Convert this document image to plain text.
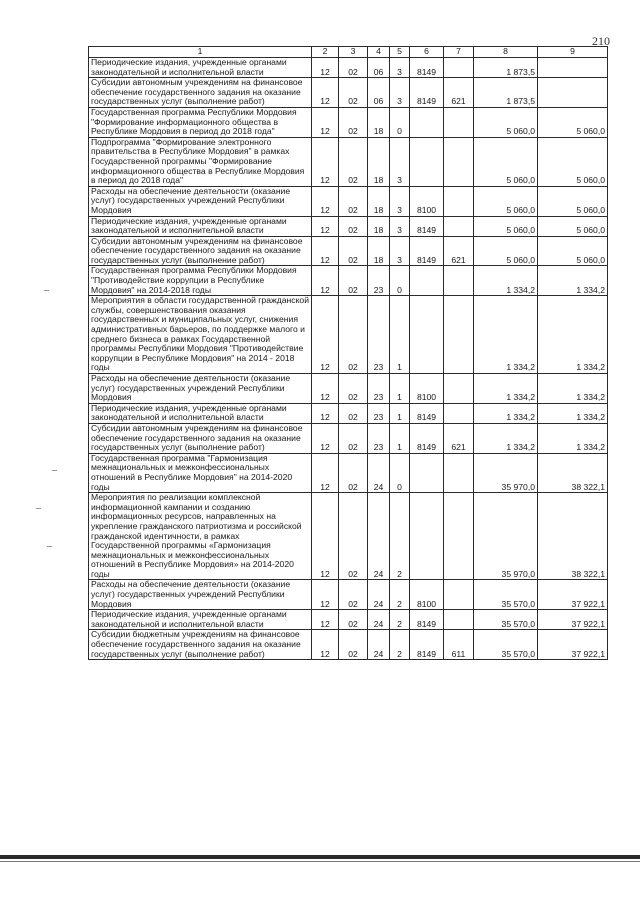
210
1	2	3	4	5	6	7	8	9
Периодические издания, учрежденные органами законодательной и исполнительной власти	12	02	06	3	8149		1 873,5	
Субсидии автономным учреждениям на финансовое обеспечение государственного задания на оказание государственных услуг (выполнение работ)	12	02	06	3	8149	621	1 873,5	
Государственная программа Республики Мордовия "Формирование информационного общества в Республике Мордовия в период до 2018 года"	12	02	18	0			5 060,0	5 060,0
Подпрограмма "Формирование электронного правительства в Республике Мордовия" в рамках Государственной программы "Формирование информационного общества в Республике Мордовия в период до 2018 года"	12	02	18	3			5 060,0	5 060,0
Расходы на обеспечение деятельности (оказание услуг) государственных учреждений Республики Мордовия	12	02	18	3	8100		5 060,0	5 060,0
Периодические издания, учрежденные органами законодательной и исполнительной власти	12	02	18	3	8149		5 060,0	5 060,0
Субсидии автономным учреждениям на финансовое обеспечение государственного задания на оказание государственных услуг (выполнение работ)	12	02	18	3	8149	621	5 060,0	5 060,0
Государственная программа Республики Мордовия "Противодействие коррупции в Республике Мордовия" на 2014-2018 годы	12	02	23	0			1 334,2	1 334,2
Мероприятия в области государственной гражданской службы, совершенствования оказания государственных и муниципальных услуг, снижения административных барьеров, по поддержке малого и среднего бизнеса в рамках Государственной программы Республики Мордовия "Противодействие коррупции в Республике Мордовия" на 2014 - 2018 годы	12	02	23	1			1 334,2	1 334,2
Расходы на обеспечение деятельности (оказание услуг) государственных учреждений Республики Мордовия	12	02	23	1	8100		1 334,2	1 334,2
Периодические издания, учрежденные органами законодательной и исполнительной власти	12	02	23	1	8149		1 334,2	1 334,2
Субсидии автономным учреждениям на финансовое обеспечение государственного задания на оказание государственных услуг (выполнение работ)	12	02	23	1	8149	621	1 334,2	1 334,2
Государственная программа "Гармонизация межнациональных и межконфессиональных отношений в Республике Мордовия" на 2014-2020 годы	12	02	24	0			35 970,0	38 322,1
Мероприятия по реализации комплексной информационной кампании и созданию информационных ресурсов, направленных на укрепление гражданского патриотизма и российской гражданской идентичности, в рамках Государственной программы «Гармонизация межнациональных и межконфессиональных отношений в Республике Мордовия» на 2014-2020 годы	12	02	24	2			35 970,0	38 322,1
Расходы на обеспечение деятельности (оказание услуг) государственных учреждений Республики Мордовия	12	02	24	2	8100		35 570,0	37 922,1
Периодические издания, учрежденные органами законодательной и исполнительной власти	12	02	24	2	8149		35 570,0	37 922,1
Субсидии бюджетным учреждениям на финансовое обеспечение государственного задания на оказание государственных услуг (выполнение работ)	12	02	24	2	8149	611	35 570,0	37 922,1
